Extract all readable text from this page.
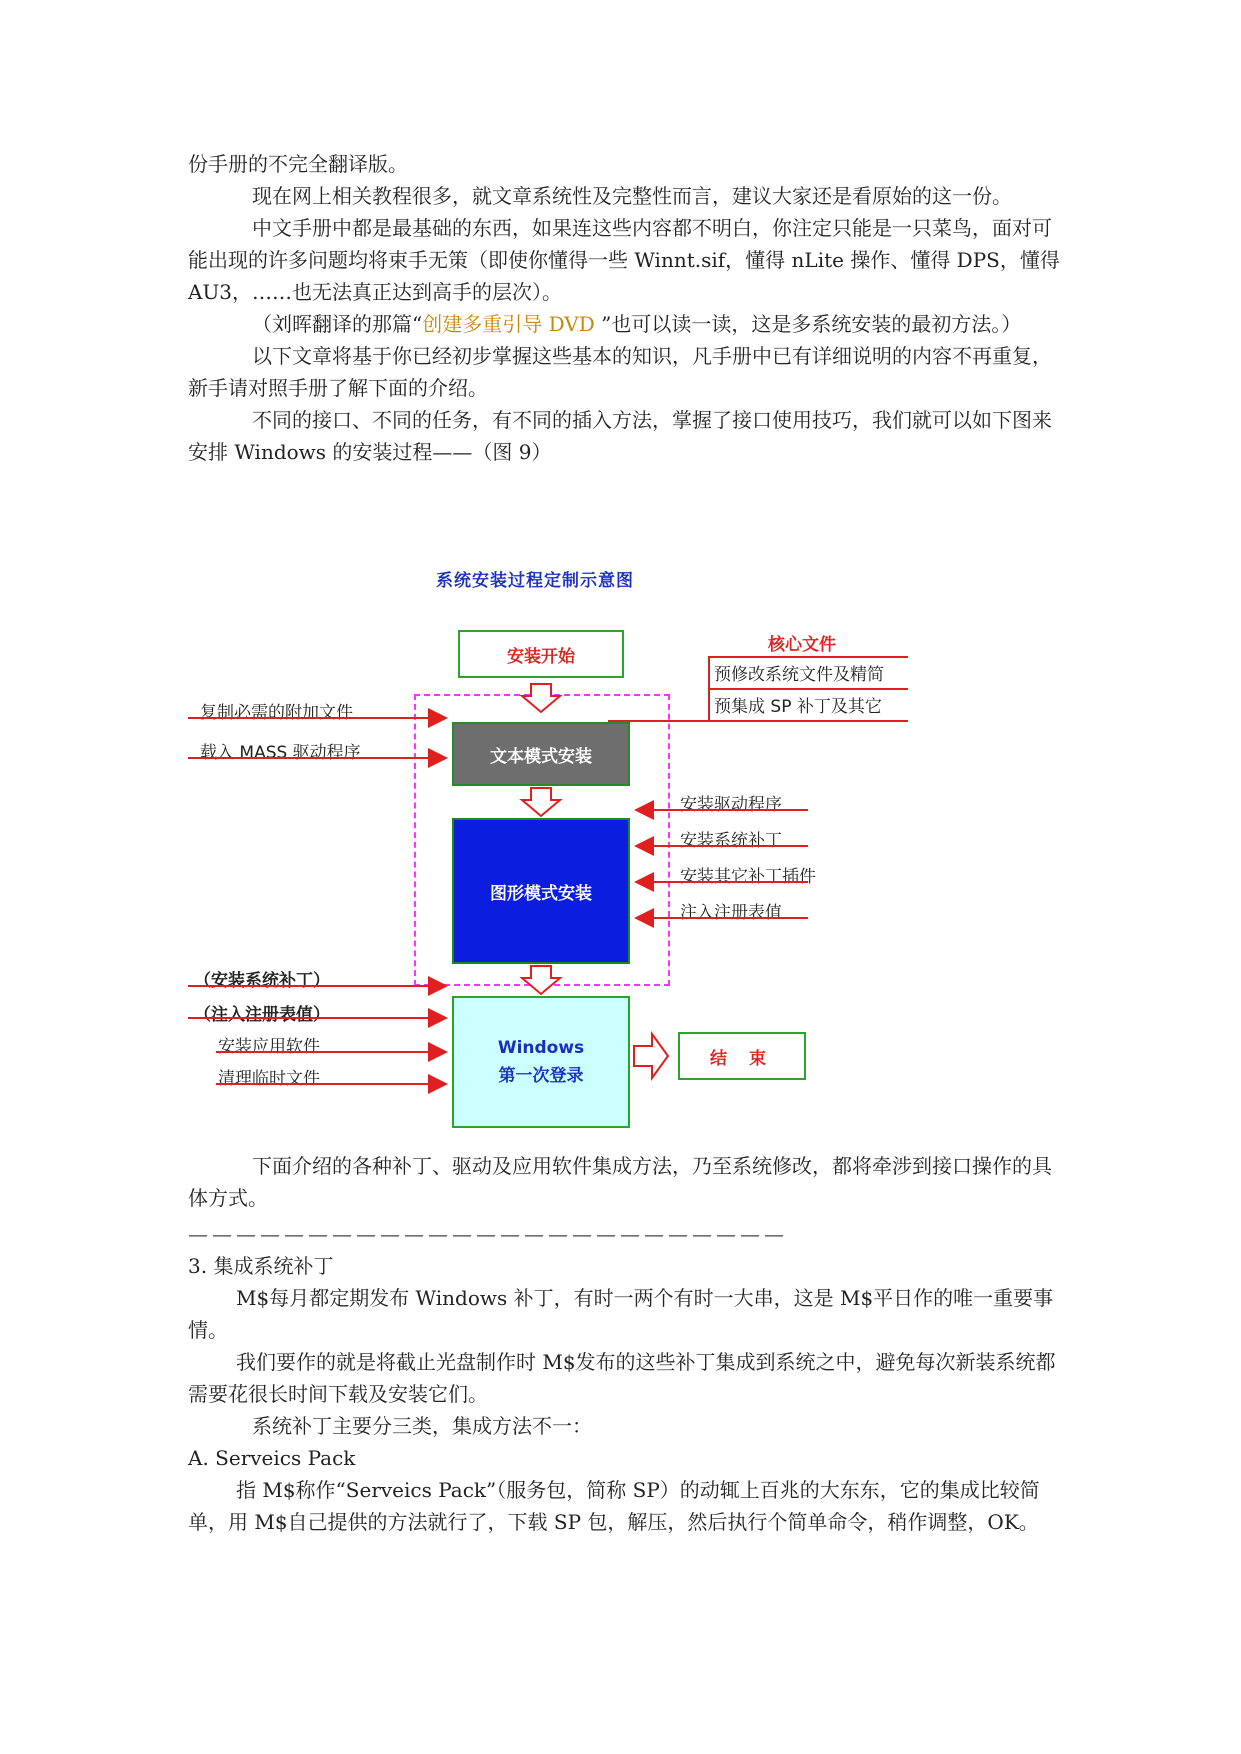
份手册的不完全翻译版。

现在网上相关教程很多，就文章系统性及完整性而言，建议大家还是看原始的这一份。

中文手册中都是最基础的东西，如果连这些内容都不明白，你注定只能是一只菜鸟，面对可能出现的许多问题均将束手无策（即使你懂得一些 Winnt.sif，懂得 nLite 操作、懂得 DPS，懂得 AU3，……也无法真正达到高手的层次）。

（刘晖翻译的那篇“创建多重引导 DVD ”也可以读一读，这是多系统安装的最初方法。）

以下文章将基于你已经初步掌握这些基本的知识，凡手册中已有详细说明的内容不再重复，新手请对照手册了解下面的介绍。

不同的接口、不同的任务，有不同的插入方法，掌握了接口使用技巧，我们就可以如下图来安排 Windows 的安装过程——（图 9）

系统安装过程定制示意图
安装开始
文本模式安装
图形模式安装
Windows
第一次登录
结 束
核心文件
预修改系统文件及精简
预集成 SP 补丁及其它
复制必需的附加文件
载入 MASS 驱动程序
安装驱动程序
安装系统补丁
安装其它补丁插件
注入注册表值
（安装系统补丁）
（注入注册表值）
安装应用软件
清理临时文件

下面介绍的各种补丁、驱动及应用软件集成方法，乃至系统修改，都将牵涉到接口操作的具体方式。

—————————————————————————

3. 集成系统补丁

M$每月都定期发布 Windows 补丁，有时一两个有时一大串，这是 M$平日作的唯一重要事情。

我们要作的就是将截止光盘制作时 M$发布的这些补丁集成到系统之中，避免每次新装系统都需要花很长时间下载及安装它们。

系统补丁主要分三类，集成方法不一：

A. Serveics Pack

指 M$称作“Serveics Pack”（服务包，简称 SP）的动辄上百兆的大东东，它的集成比较简单，用 M$自己提供的方法就行了，下载 SP 包，解压，然后执行个简单命令，稍作调整，OK。
